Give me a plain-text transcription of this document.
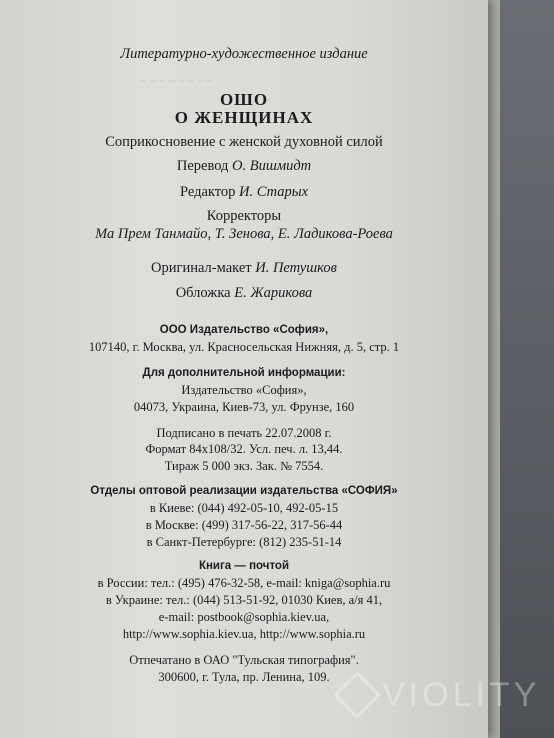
~ ~ ~ ~ ~ ~ ~ ~
Литературно-художественное издание
ОШО
О ЖЕНЩИНАХ
Соприкосновение с женской духовной силой
Перевод О. Вишмидт
Редактор И. Старых
Корректоры
Ма Прем Танмайо, Т. Зенова, Е. Ладикова-Роева
Оригинал-макет И. Петушков
Обложка Е. Жарикова
ООО Издательство «София»,
107140, г. Москва, ул. Красносельская Нижняя, д. 5, стр. 1
Для дополнительной информации:
Издательство «София»,
04073, Украина, Киев-73, ул. Фрунзе, 160
Подписано в печать 22.07.2008 г.
Формат 84x108/32. Усл. печ. л. 13,44.
Тираж 5 000 экз. Зак. № 7554.
Отделы оптовой реализации издательства «СОФИЯ»
в Киеве: (044) 492-05-10, 492-05-15
в Москве: (499) 317-56-22, 317-56-44
в Санкт-Петербурге: (812) 235-51-14
Книга — почтой
в России: тел.: (495) 476-32-58, e-mail: kniga@sophia.ru
в Украине: тел.: (044) 513-51-92, 01030 Киев, а/я 41,
e-mail: postbook@sophia.kiev.ua,
http://www.sophia.kiev.ua, http://www.sophia.ru
Отпечатано в ОАО "Тульская типография".
300600, г. Тула, пр. Ленина, 109.	VIOLITY
